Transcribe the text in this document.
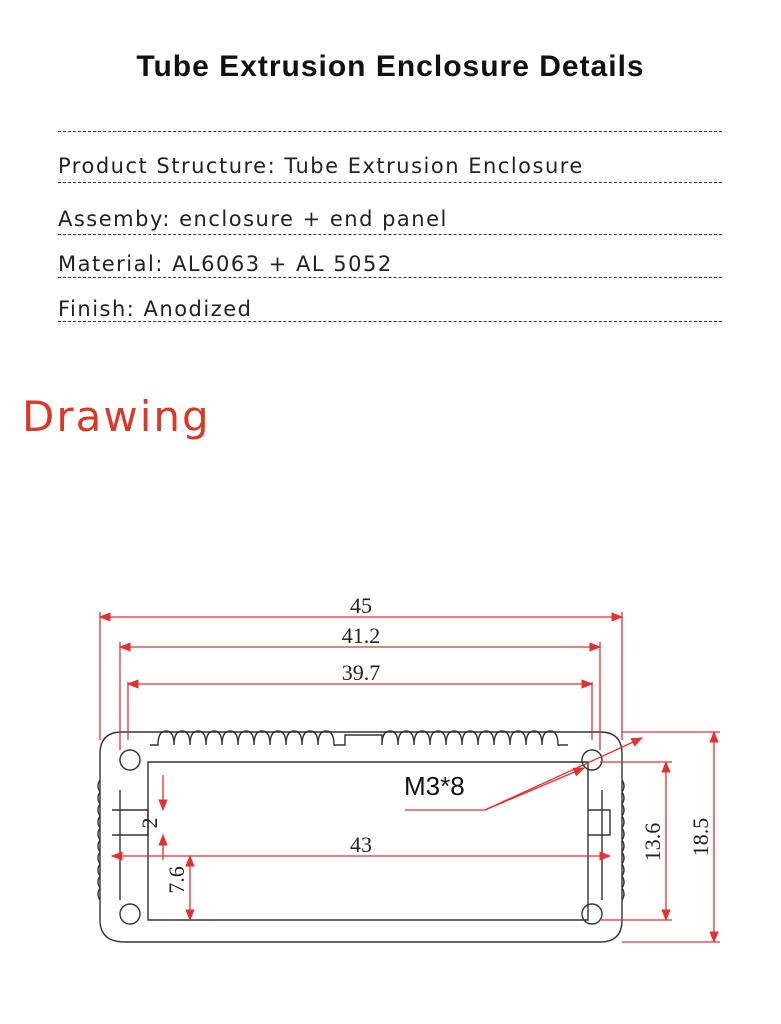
Tube Extrusion Enclosure Details
Product Structure: Tube Extrusion Enclosure
Assemby: enclosure + end panel
Material: AL6063 + AL 5052
Finish: Anodized
Drawing
45
41.2
39.7
43
M3*8
2
7.6
13.6 18.5
